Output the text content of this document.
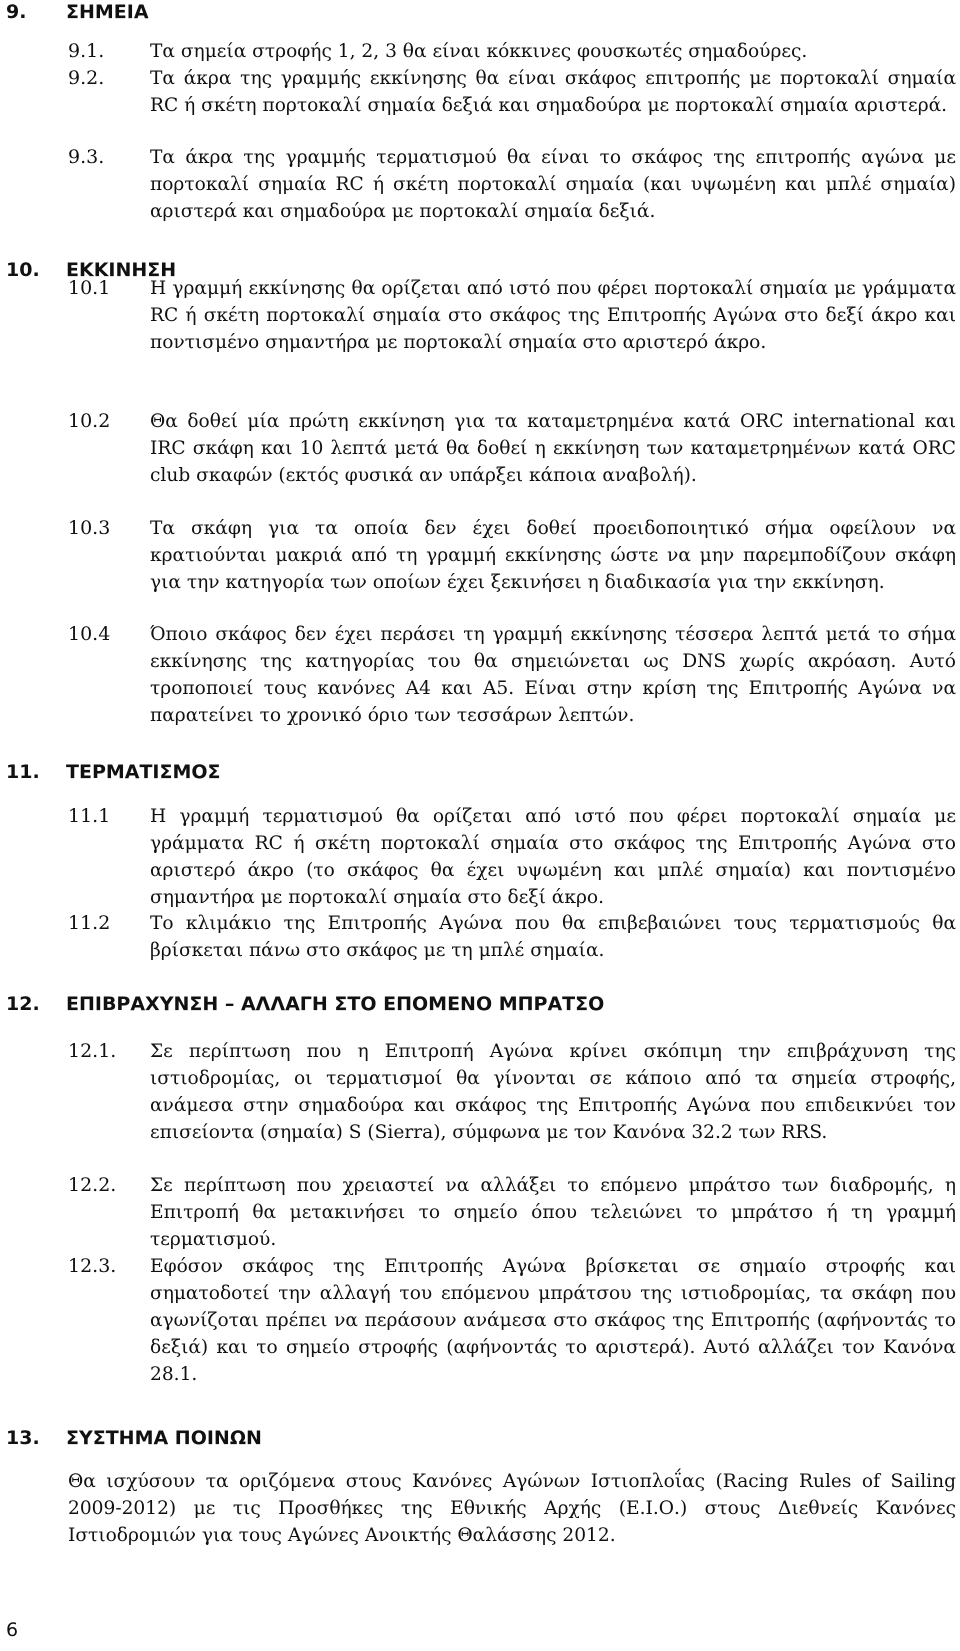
9. ΣΗΜΕΙΑ
9.1. Τα σημεία στροφής 1, 2, 3 θα είναι κόκκινες φουσκωτές σημαδούρες.
9.2. Τα άκρα της γραμμής εκκίνησης θα είναι σκάφος επιτροπής με πορτοκαλί σημαία RC ή σκέτη πορτοκαλί σημαία δεξιά και σημαδούρα με πορτοκαλί σημαία αριστερά.
9.3. Τα άκρα της γραμμής τερματισμού θα είναι το σκάφος της επιτροπής αγώνα με πορτοκαλί σημαία RC ή σκέτη πορτοκαλί σημαία (και υψωμένη και μπλέ σημαία) αριστερά και σημαδούρα με πορτοκαλί σημαία δεξιά.
10. ΕΚΚΙΝΗΣΗ
10.1 Η γραμμή εκκίνησης θα ορίζεται από ιστό που φέρει πορτοκαλί σημαία με γράμματα RC ή σκέτη πορτοκαλί σημαία στο σκάφος της Επιτροπής Αγώνα στο δεξί άκρο και ποντισμένο σημαντήρα με πορτοκαλί σημαία στο αριστερό άκρο.
10.2 Θα δοθεί μία πρώτη εκκίνηση για τα καταμετρημένα κατά ORC international και IRC σκάφη και 10 λεπτά μετά θα δοθεί η εκκίνηση των καταμετρημένων κατά ORC club σκαφών (εκτός φυσικά αν υπάρξει κάποια αναβολή).
10.3 Τα σκάφη για τα οποία δεν έχει δοθεί προειδοποιητικό σήμα οφείλουν να κρατιούνται μακριά από τη γραμμή εκκίνησης ώστε να μην παρεμποδίζουν σκάφη για την κατηγορία των οποίων έχει ξεκινήσει η διαδικασία για την εκκίνηση.
10.4 Όποιο σκάφος δεν έχει περάσει τη γραμμή εκκίνησης τέσσερα λεπτά μετά το σήμα εκκίνησης της κατηγορίας του θα σημειώνεται ως DNS χωρίς ακρόαση. Αυτό τροποποιεί τους κανόνες Α4 και Α5. Είναι στην κρίση της Επιτροπής Αγώνα να παρατείνει το χρονικό όριο των τεσσάρων λεπτών.
11. ΤΕΡΜΑΤΙΣΜΟΣ
11.1 Η γραμμή τερματισμού θα ορίζεται από ιστό που φέρει πορτοκαλί σημαία με γράμματα RC ή σκέτη πορτοκαλί σημαία στο σκάφος της Επιτροπής Αγώνα στο αριστερό άκρο (το σκάφος θα έχει υψωμένη και μπλέ σημαία) και ποντισμένο σημαντήρα με πορτοκαλί σημαία στο δεξί άκρο.
11.2 Το κλιμάκιο της Επιτροπής Αγώνα που θα επιβεβαιώνει τους τερματισμούς θα βρίσκεται πάνω στο σκάφος με τη μπλέ σημαία.
12. ΕΠΙΒΡΑΧΥΝΣΗ – ΑΛΛΑΓΗ ΣΤΟ ΕΠΟΜΕΝΟ ΜΠΡΑΤΣΟ
12.1. Σε περίπτωση που η Επιτροπή Αγώνα κρίνει σκόπιμη την επιβράχυνση της ιστιοδρομίας, οι τερματισμοί θα γίνονται σε κάποιο από τα σημεία στροφής, ανάμεσα στην σημαδούρα και σκάφος της Επιτροπής Αγώνα που επιδεικνύει τον επισείοντα (σημαία) S (Sierra), σύμφωνα με τον Κανόνα 32.2 των RRS.
12.2. Σε περίπτωση που χρειαστεί να αλλάξει το επόμενο μπράτσο των διαδρομής, η Επιτροπή θα μετακινήσει το σημείο όπου τελειώνει το μπράτσο ή τη γραμμή τερματισμού.
12.3. Εφόσον σκάφος της Επιτροπής Αγώνα βρίσκεται σε σημαίο στροφής και σηματοδοτεί την αλλαγή του επόμενου μπράτσου της ιστιοδρομίας, τα σκάφη που αγωνίζοται πρέπει να περάσουν ανάμεσα στο σκάφος της Επιτροπής (αφήνοντάς το δεξιά) και το σημείο στροφής (αφήνοντάς το αριστερά). Αυτό αλλάζει τον Κανόνα 28.1.
13. ΣΥΣΤΗΜΑ ΠΟΙΝΩΝ
Θα ισχύσουν τα οριζόμενα στους Κανόνες Αγώνων Ιστιοπλοΐας (Racing Rules of Sailing 2009-2012) με τις Προσθήκες της Εθνικής Αρχής (Ε.Ι.Ο.) στους Διεθνείς Κανόνες Ιστιοδρομιών για τους Αγώνες Ανοικτής Θαλάσσης 2012.
6
